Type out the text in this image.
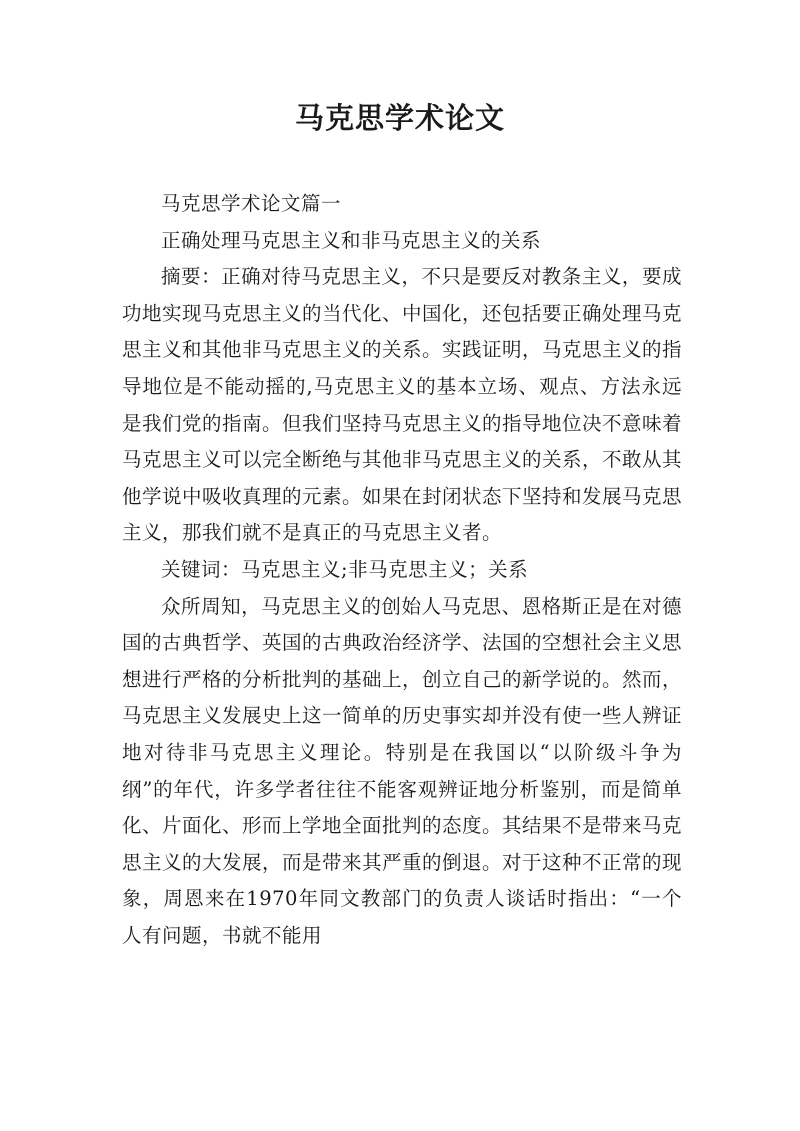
马克思学术论文

马克思学术论文篇一

正确处理马克思主义和非马克思主义的关系

摘要：正确对待马克思主义，不只是要反对教条主义，要成功地实现马克思主义的当代化、中国化，还包括要正确处理马克思主义和其他非马克思主义的关系。实践证明，马克思主义的指导地位是不能动摇的,马克思主义的基本立场、观点、方法永远是我们党的指南。但我们坚持马克思主义的指导地位决不意味着马克思主义可以完全断绝与其他非马克思主义的关系，不敢从其他学说中吸收真理的元素。如果在封闭状态下坚持和发展马克思主义，那我们就不是真正的马克思主义者。

关键词：马克思主义;非马克思主义；关系

众所周知，马克思主义的创始人马克思、恩格斯正是在对德国的古典哲学、英国的古典政治经济学、法国的空想社会主义思想进行严格的分析批判的基础上，创立自己的新学说的。然而，马克思主义发展史上这一简单的历史事实却并没有使一些人辨证地对待非马克思主义理论。特别是在我国以“以阶级斗争为纲”的年代，许多学者往往不能客观辨证地分析鉴别，而是简单化、片面化、形而上学地全面批判的态度。其结果不是带来马克思主义的大发展，而是带来其严重的倒退。对于这种不正常的现象，周恩来在1970年同文教部门的负责人谈话时指出：“一个人有问题，书就不能用
